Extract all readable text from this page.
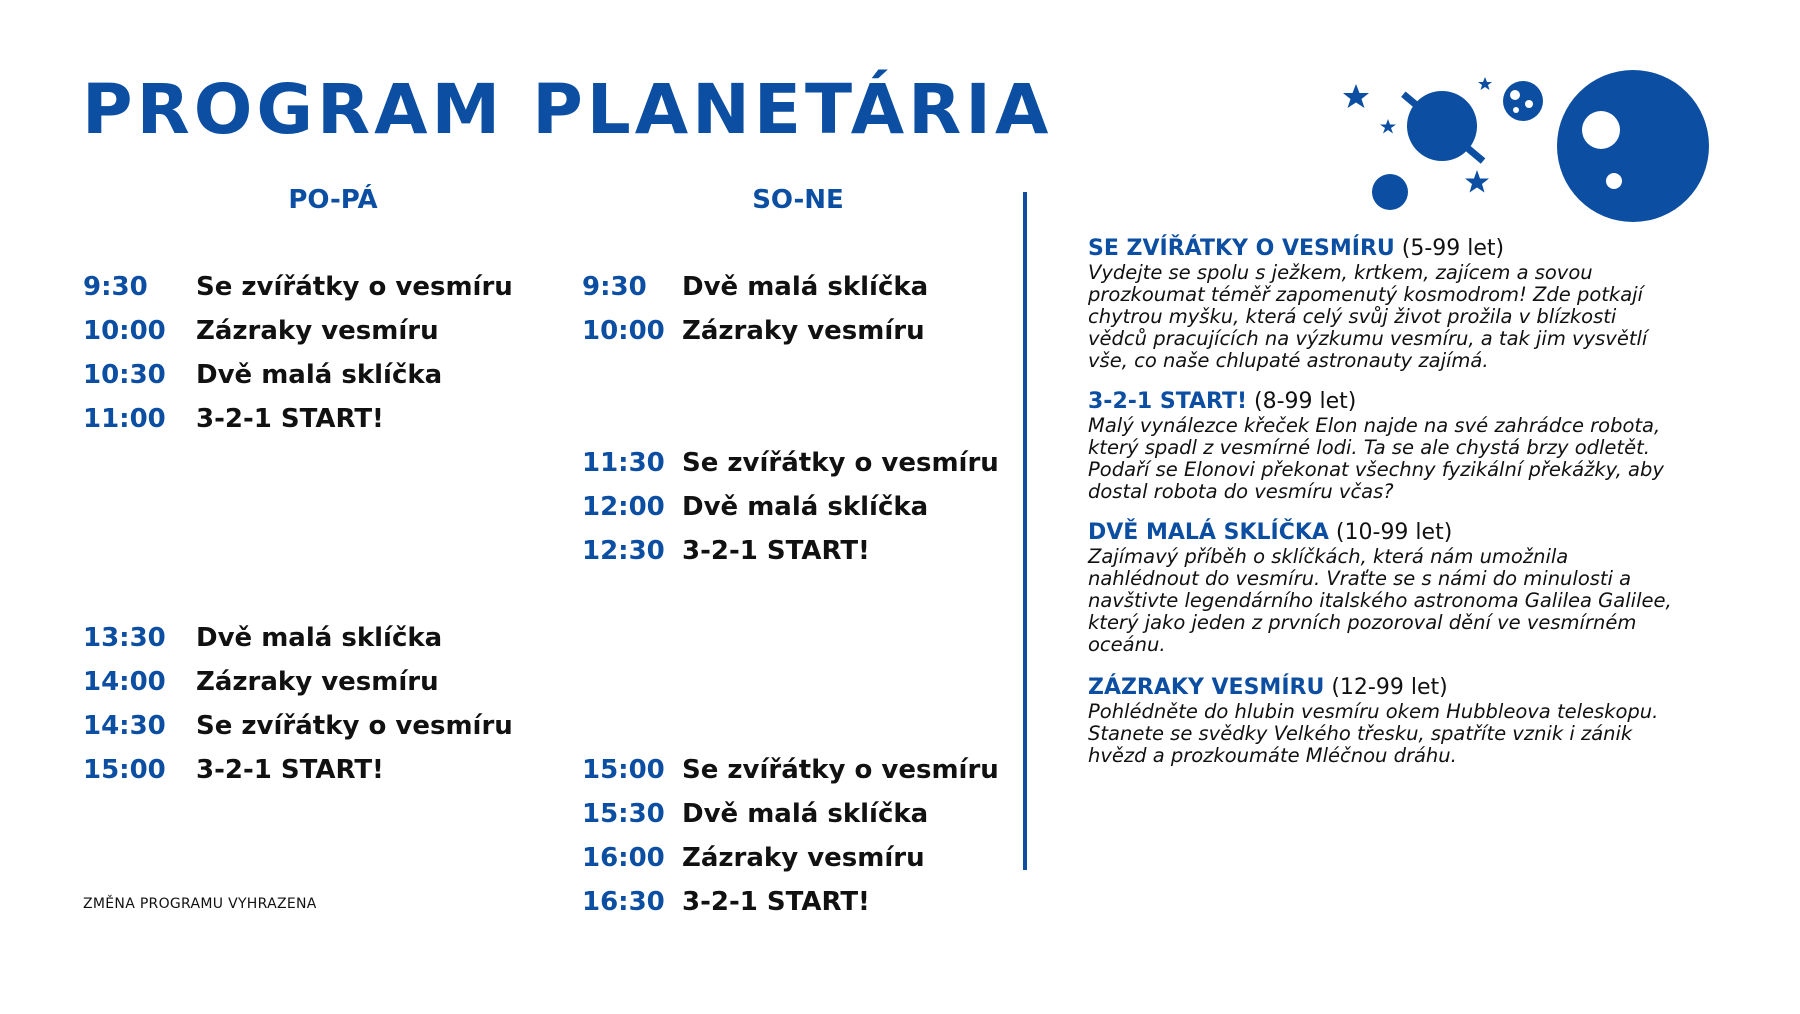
PROGRAM PLANETÁRIA
PO-PÁ	SO-NE
9:30	Se zvířátky o vesmíru
10:00	Zázraky vesmíru
10:30	Dvě malá sklíčka
11:00	3-2-1 START!
13:30	Dvě malá sklíčka
14:00	Zázraky vesmíru
14:30	Se zvířátky o vesmíru
15:00	3-2-1 START!
9:30	Dvě malá sklíčka
10:00 Zázraky vesmíru
11:30 Se zvířátky o vesmíru
12:00 Dvě malá sklíčka
12:30 3-2-1 START!
15:00 Se zvířátky o vesmíru
15:30 Dvě malá sklíčka
16:00 Zázraky vesmíru
16:30 3-2-1 START!
ZMĚNA PROGRAMU VYHRAZENA
SE ZVÍŘÁTKY O VESMÍRU (5-99 let)
Vydejte se spolu s ježkem, krtkem, zajícem a sovou
prozkoumat téměř zapomenutý kosmodrom! Zde potkají
chytrou myšku, která celý svůj život prožila v blízkosti
vědců pracujících na výzkumu vesmíru, a tak jim vysvětlí
vše, co naše chlupaté astronauty zajímá.
3-2-1 START! (8-99 let)
Malý vynálezce křeček Elon najde na své zahrádce robota,
který spadl z vesmírné lodi. Ta se ale chystá brzy odletět.
Podaří se Elonovi překonat všechny fyzikální překážky, aby
dostal robota do vesmíru včas?
DVĚ MALÁ SKLÍČKA (10-99 let)
Zajímavý příběh o sklíčkách, která nám umožnila
nahlédnout do vesmíru. Vraťte se s námi do minulosti a
navštivte legendárního italského astronoma Galilea Galilee,
který jako jeden z prvních pozoroval dění ve vesmírném
oceánu.
ZÁZRAKY VESMÍRU (12-99 let)
Pohlédněte do hlubin vesmíru okem Hubbleova teleskopu.
Stanete se svědky Velkého třesku, spatříte vznik i zánik
hvězd a prozkoumáte Mléčnou dráhu.
